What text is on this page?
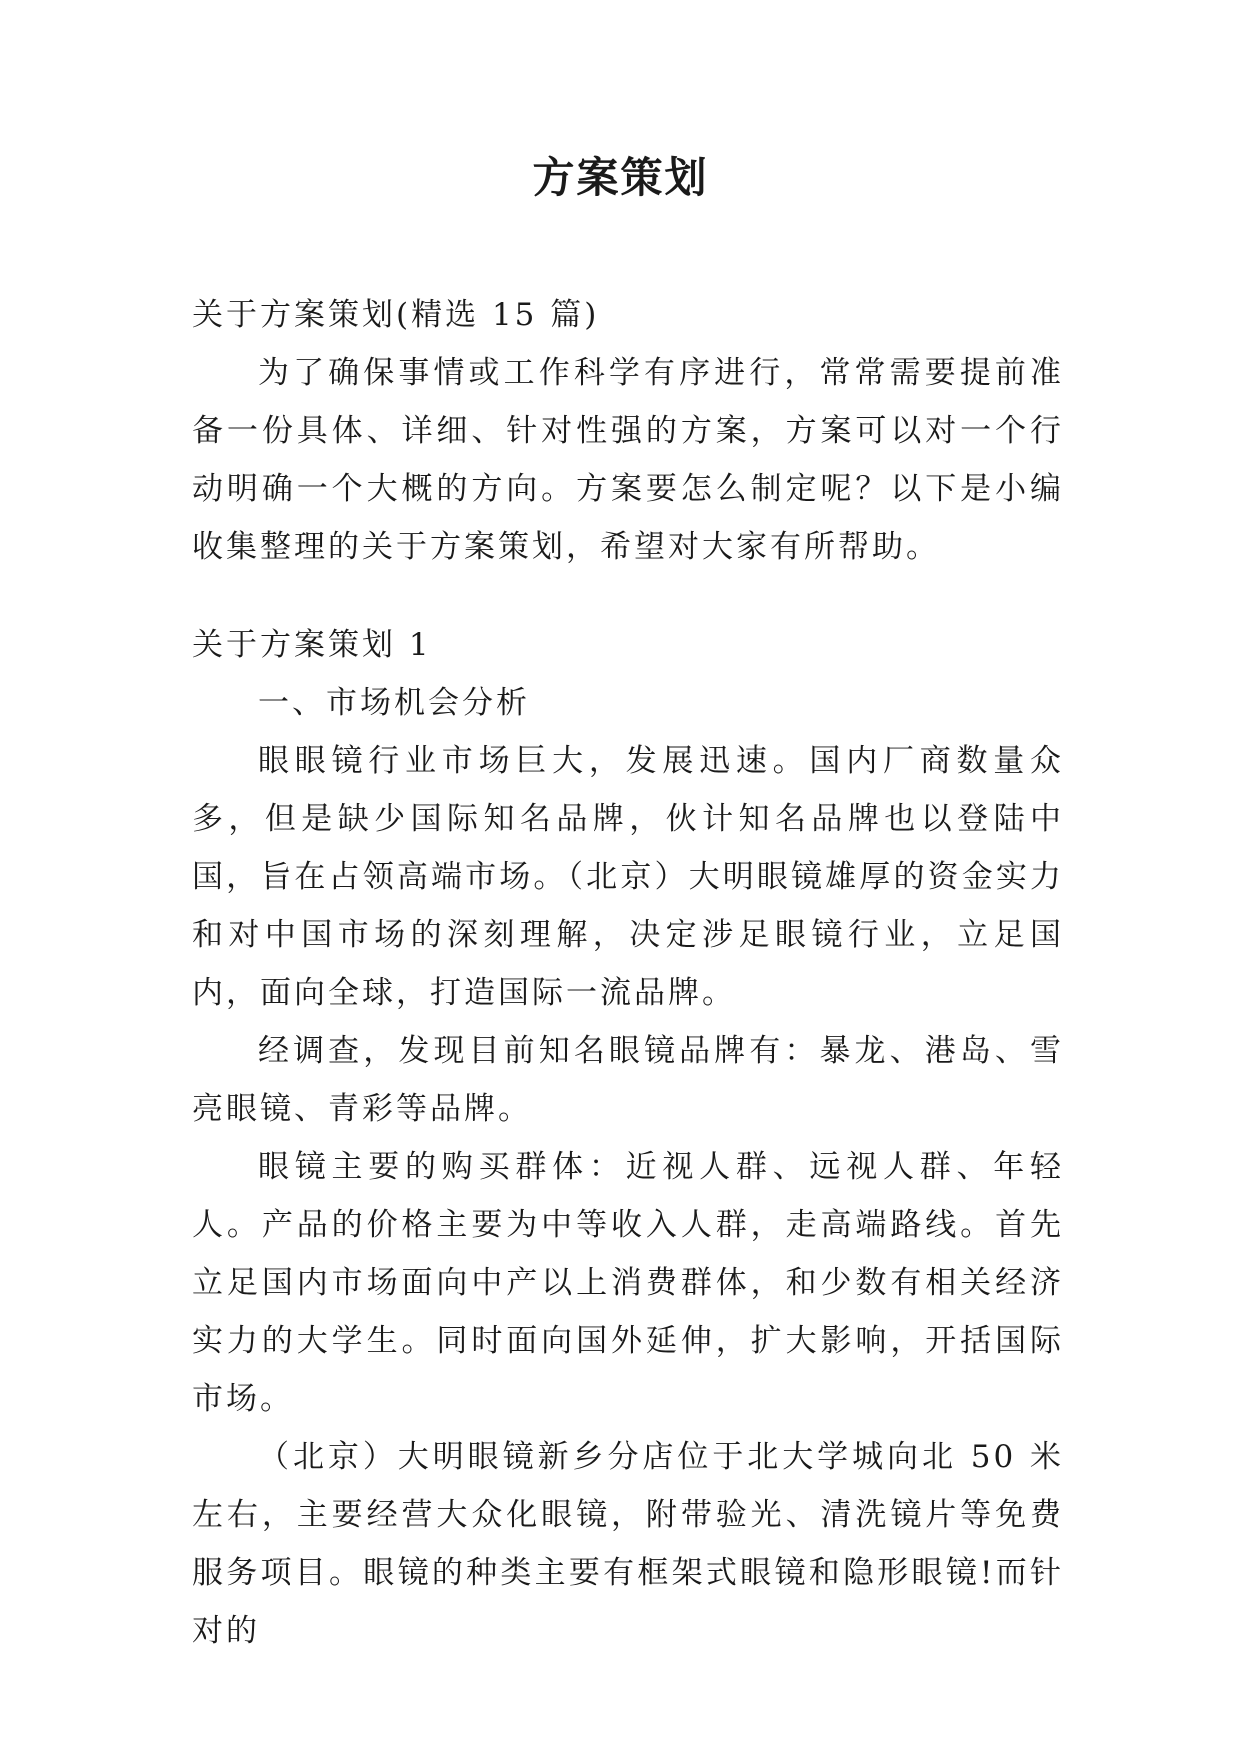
方案策划

关于方案策划(精选 15 篇)

为了确保事情或工作科学有序进行，常常需要提前准备一份具体、详细、针对性强的方案，方案可以对一个行动明确一个大概的方向。方案要怎么制定呢？以下是小编收集整理的关于方案策划，希望对大家有所帮助。

关于方案策划 1

一、市场机会分析

眼眼镜行业市场巨大，发展迅速。国内厂商数量众多，但是缺少国际知名品牌，伙计知名品牌也以登陆中国，旨在占领高端市场。（北京）大明眼镜雄厚的资金实力和对中国市场的深刻理解，决定涉足眼镜行业，立足国内，面向全球，打造国际一流品牌。

经调查，发现目前知名眼镜品牌有：暴龙、港岛、雪亮眼镜、青彩等品牌。

眼镜主要的购买群体：近视人群、远视人群、年轻人。产品的价格主要为中等收入人群，走高端路线。首先立足国内市场面向中产以上消费群体，和少数有相关经济实力的大学生。同时面向国外延伸，扩大影响，开括国际市场。

（北京）大明眼镜新乡分店位于北大学城向北 50 米左右，主要经营大众化眼镜，附带验光、清洗镜片等免费服务项目。眼镜的种类主要有框架式眼镜和隐形眼镜!而针对的
